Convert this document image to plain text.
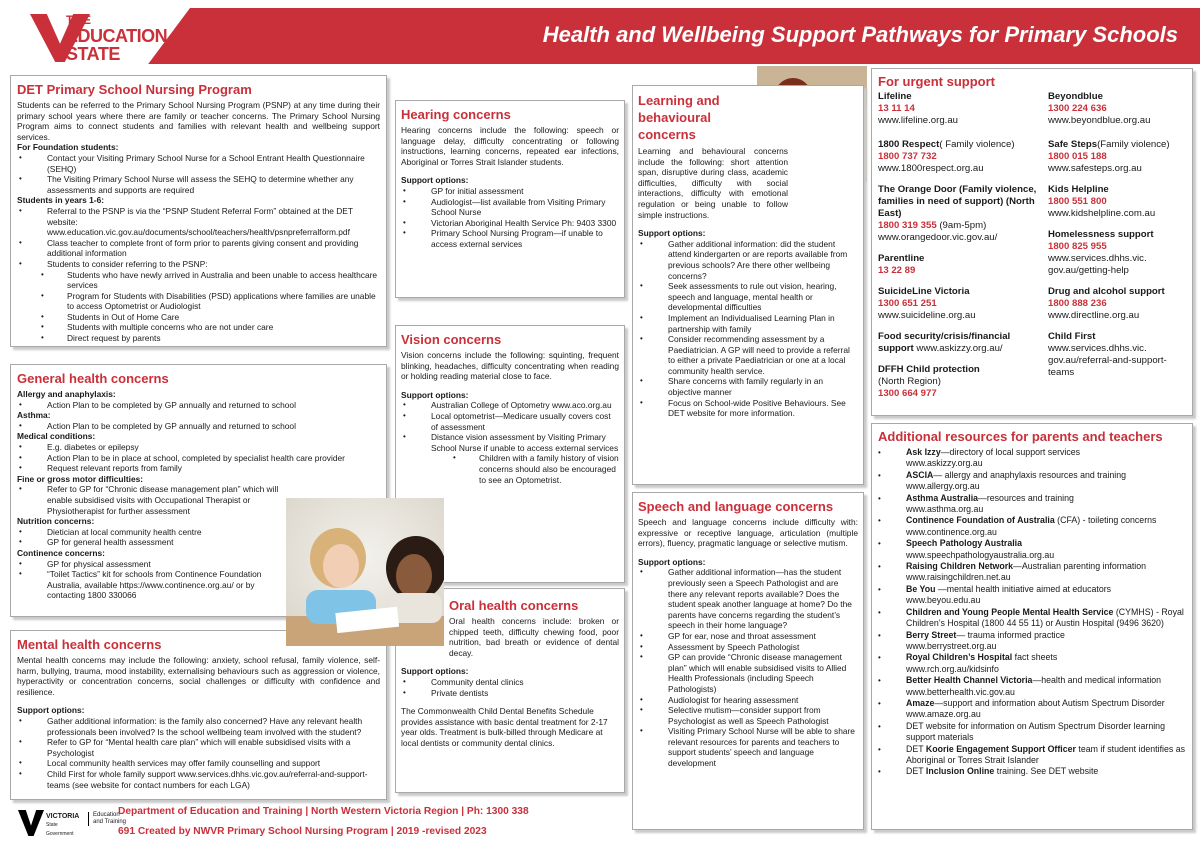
THE
EDUCATION
STATE
Health and Wellbeing Support Pathways for Primary Schools
DET Primary School Nursing Program

Students can be referred to the Primary School Nursing Program (PSNP) at any time during their primary school years where there are family or teacher concerns. The Primary School Nursing Program aims to connect students and families with relevant health and wellbeing support services.

For Foundation students:

• Contact your Visiting Primary School Nurse for a School Entrant Health Questionnaire (SEHQ)
• The Visiting Primary School Nurse will assess the SEHQ to determine whether any assessments and supports are required

Students in years 1-6:

• Referral to the PSNP is via the “PSNP Student Referral Form” obtained at the DET website: www.education.vic.gov.au/documents/school/teachers/health/psnpreferralform.pdf
• Class teacher to complete front of form prior to parents giving consent and providing additional information
• Students to consider referring to the PSNP:
• Students who have newly arrived in Australia and been unable to access healthcare services
• Program for Students with Disabilities (PSD) applications where families are unable to access Optometrist or Audiologist
• Students in Out of Home Care
• Students with multiple concerns who are not under care
• Direct request by parents
General health concerns

Allergy and anaphylaxis:

• Action Plan to be completed by GP annually and returned to school

Asthma:

• Action Plan to be completed by GP annually and returned to school

Medical conditions:

• E.g. diabetes or epilepsy
• Action Plan to be in place at school, completed by specialist health care provider
• Request relevant reports from family

Fine or gross motor difficulties:

• Refer to GP for “Chronic disease management plan” which will enable subsidised visits with Occupational Therapist or Physiotherapist for further assessment

Nutrition concerns:

• Dietician at local community health centre
• GP for general health assessment

Continence concerns:

• GP for physical assessment
• “Toilet Tactics” kit for schools from Continence Foundation Australia, available https://www.continence.org.au/ or by contacting 1800 330066
Mental health concerns

Mental health concerns may include the following: anxiety, school refusal, family violence, self-harm, bullying, trauma, mood instability, externalising behaviours such as aggression or violence, hyperactivity or concentration concerns, social challenges or difficulty with confidence and resilience.

Support options:

• Gather additional information: is the family also concerned? Have any relevant health professionals been involved? Is the school wellbeing team involved with the student?
• Refer to GP for “Mental health care plan” which will enable subsidised visits with a Psychologist
• Local community health services may offer family counselling and support
• Child First for whole family support www.services.dhhs.vic.gov.au/referral-and-support-teams (see website for contact numbers for each LGA)
Hearing concerns

Hearing concerns include the following: speech or language delay, difficulty concentrating or following instructions, learning concerns, repeated ear infections, Aboriginal or Torres Strait Islander students.

Support options:

• GP for initial assessment
• Audiologist—list available from Visiting Primary School Nurse
• Victorian Aboriginal Health Service Ph: 9403 3300
• Primary School Nursing Program—if unable to access external services
Vision concerns

Vision concerns include the following: squinting, frequent blinking, headaches, difficulty concentrating when reading or holding reading material close to face.

Support options:

• Australian College of Optometry www.aco.org.au
• Local optometrist—Medicare usually covers cost of assessment
• Distance vision assessment by Visiting Primary School Nurse if unable to access external services
• Children with a family history of vision concerns should also be encouraged to see an Optometrist.
Oral health concerns
Oral health concerns include: broken or chipped teeth, difficulty chewing food, poor nutrition, bad breath or evidence of dental decay.

Support options:

• Community dental clinics
• Private dentists

The Commonwealth Child Dental Benefits Schedule provides assistance with basic dental treatment for 2-17 year olds. Treatment is bulk-billed through Medicare at local dentists or community dental clinics.

Learning and
behavioural
concerns

Learning and behavioural concerns include the following: short attention span, disruptive during class, academic difficulties, difficulty with social interactions, difficulty with emotional regulation or being unable to follow simple instructions.

Support options:

• Gather additional information: did the student attend kindergarten or are reports available from previous schools? Are there other wellbeing concerns?
• Seek assessments to rule out vision, hearing, speech and language, mental health or developmental difficulties
• Implement an Individualised Learning Plan in partnership with family
• Consider recommending assessment by a Paediatrician. A GP will need to provide a referral to either a private Paediatrician or one at a local community health service.
• Share concerns with family regularly in an objective manner
• Focus on School-wide Positive Behaviours. See DET website for more information.
Speech and language concerns

Speech and language concerns include difficulty with: expressive or receptive language, articulation (multiple errors), fluency, pragmatic language or selective mutism.

Support options:

• Gather additional information—has the student previously seen a Speech Pathologist and are there any relevant reports available? Does the student speak another language at home? Do the parents have concerns regarding the student’s speech in their home language?
• GP for ear, nose and throat assessment
• Assessment by Speech Pathologist
• GP can provide “Chronic disease management plan” which will enable subsidised visits to Allied Health Professionals (including Speech Pathologists)
• Audiologist for hearing assessment
• Selective mutism—consider support from Psychologist as well as Speech Pathologist
• Visiting Primary School Nurse will be able to share relevant resources for parents and teachers to support students’ speech and language development
For urgent support
Lifeline
13 11 14
www.lifeline.org.au
1800 Respect( Family violence)
1800 737 732
www.1800respect.org.au
The Orange Door (Family violence, families in need of support) (North East)
1800 319 355 (9am-5pm)
www.orangedoor.vic.gov.au/
Parentline
13 22 89
SuicideLine Victoria
1300 651 251
www.suicideline.org.au
Food security/crisis/financial support www.askizzy.org.au/
DFFH Child protection
(North Region)
1300 664 977
Beyondblue
1300 224 636
www.beyondblue.org.au
Safe Steps(Family violence)
1800 015 188
www.safesteps.org.au
Kids Helpline
1800 551 800
www.kidshelpline.com.au
Homelessness support
1800 825 955
www.services.dhhs.vic. gov.au/getting-help
Drug and alcohol support
1800 888 236
www.directline.org.au
Child First
www.services.dhhs.vic. gov.au/referral-and-support-teams
Additional resources for parents and teachers
• Ask Izzy—directory of local support services
www.askizzy.org.au
• ASCIA— allergy and anaphylaxis resources and training
www.allergy.org.au
• Asthma Australia—resources and training
www.asthma.org.au
• Continence Foundation of Australia (CFA) - toileting concerns
www.continence.org.au
• Speech Pathology Australia
www.speechpathologyaustralia.org.au
• Raising Children Network—Australian parenting information
www.raisingchildren.net.au
• Be You —mental health initiative aimed at educators
www.beyou.edu.au
• Children and Young People Mental Health Service (CYMHS) - Royal Children’s Hospital (1800 44 55 11) or Austin Hospital (9496 3620)
• Berry Street— trauma informed practice
www.berrystreet.org.au
• Royal Children’s Hospital fact sheets
www.rch.org.au/kidsinfo
• Better Health Channel Victoria—health and medical information
www.betterhealth.vic.gov.au
• Amaze—support and information about Autism Spectrum Disorder
www.amaze.org.au
• DET website for information on Autism Spectrum Disorder learning support materials
• DET Koorie Engagement Support Officer team if student identifies as Aboriginal or Torres Strait Islander
• DET Inclusion Online training. See DET website
VICTORIA
State
Government
Education
and Training
Department of Education and Training | North Western Victoria Region | Ph: 1300 338
691 Created by NWVR Primary School Nursing Program | 2019 -revised 2023
